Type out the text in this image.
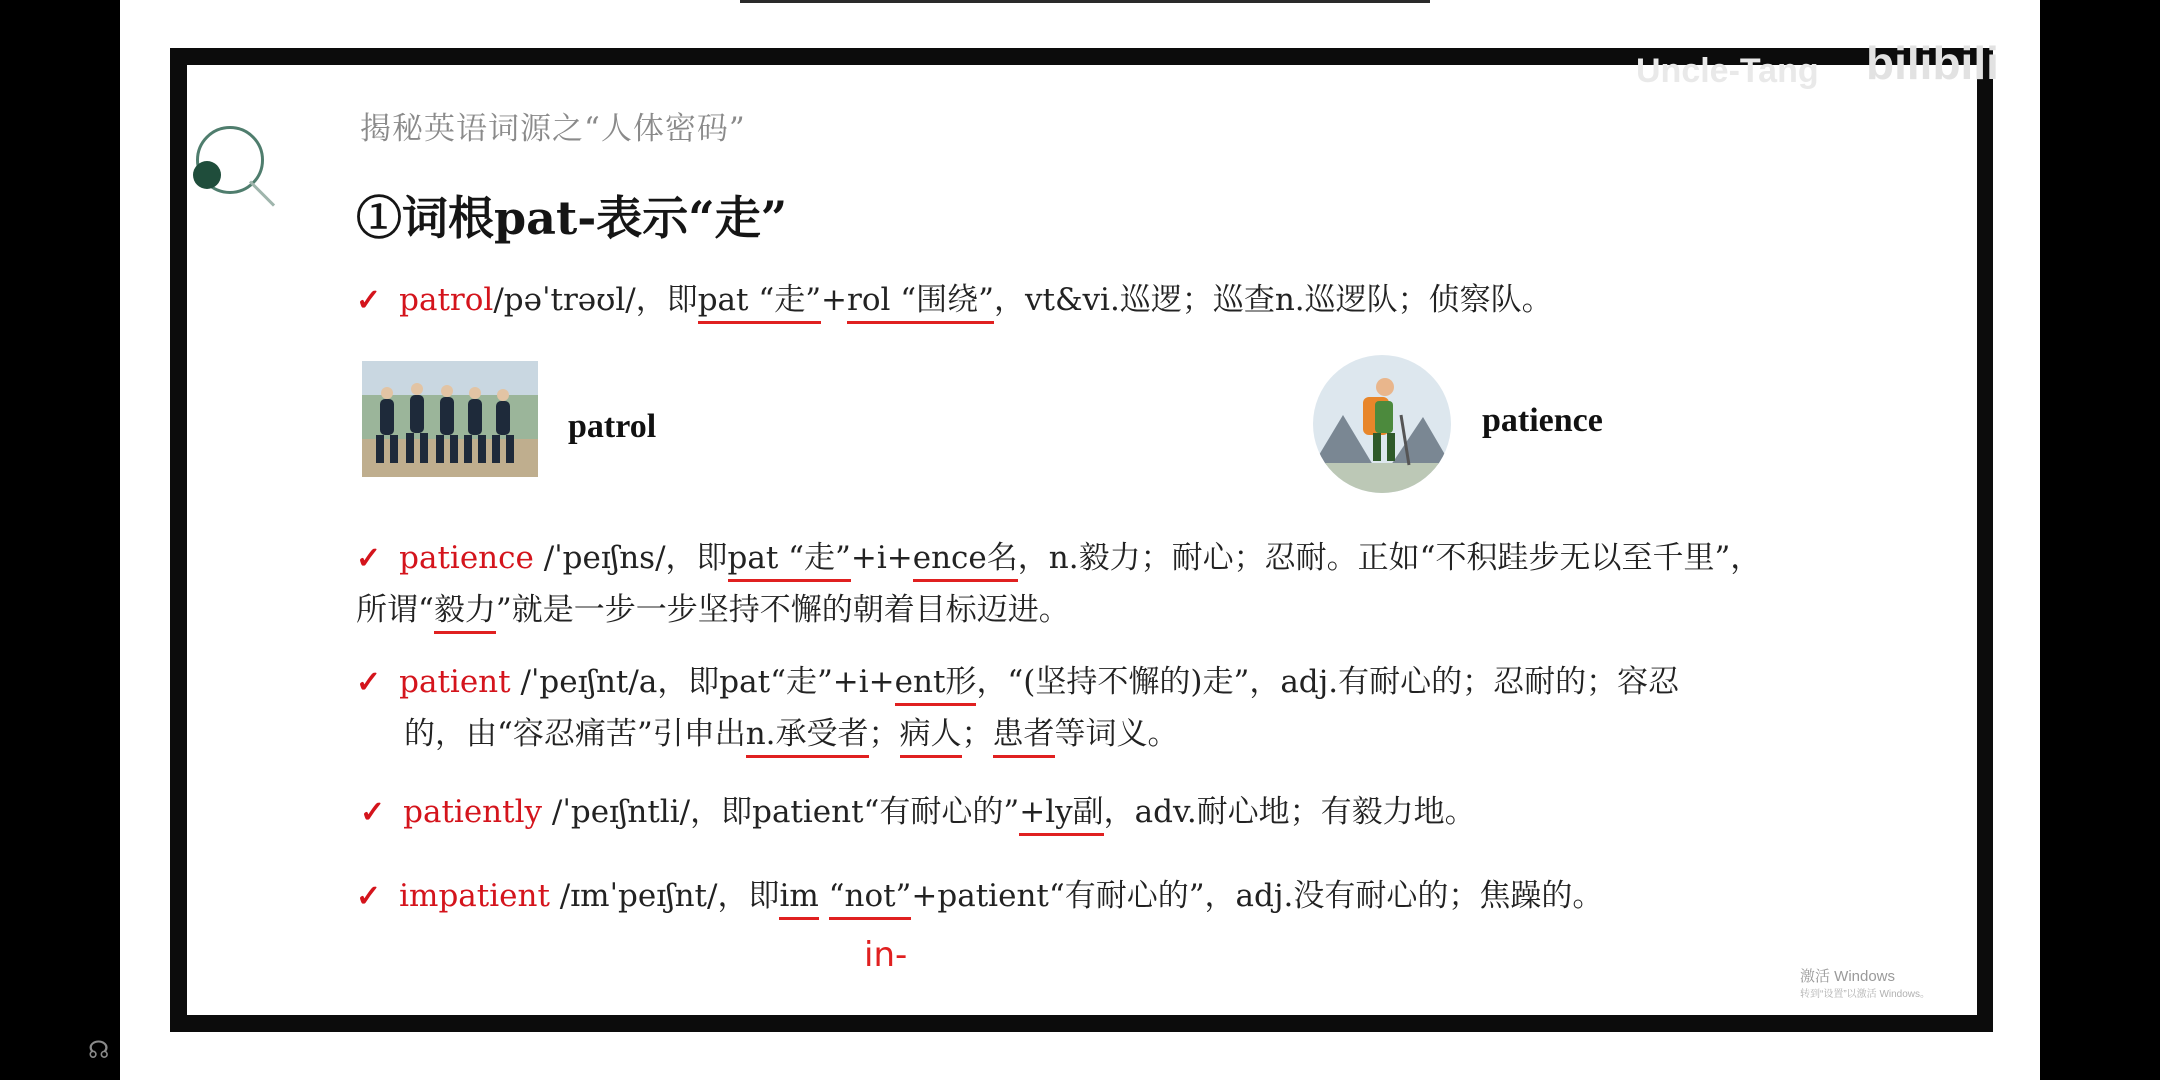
Uncle-Tang bilibili
揭秘英语词源之“人体密码”
①词根pat-表示“走”
✓ patrol/pəˈtrəʊl/，即pat “走”+rol “围绕”，vt&vi.巡逻；巡查n.巡逻队；侦察队。
patrol	patience
✓ patience /ˈpeɪʃns/，即pat “走”+i+ence名，n.毅力；耐心；忍耐。正如“不积跬步无以至千里”，
所谓“毅力”就是一步一步坚持不懈的朝着目标迈进。
✓ patient /ˈpeɪʃnt/a，即pat“走”+i+ent形，“(坚持不懈的)走”，adj.有耐心的；忍耐的；容忍
的，由“容忍痛苦”引申出n.承受者；病人；患者等词义。
✓ patiently /ˈpeɪʃntli/，即patient“有耐心的”+ly副，adv.耐心地；有毅力地。
✓ impatient /ɪmˈpeɪʃnt/，即im “not”+patient“有耐心的”，adj.没有耐心的；焦躁的。
in-
激活 Windows
转到“设置”以激活 Windows。
☊
